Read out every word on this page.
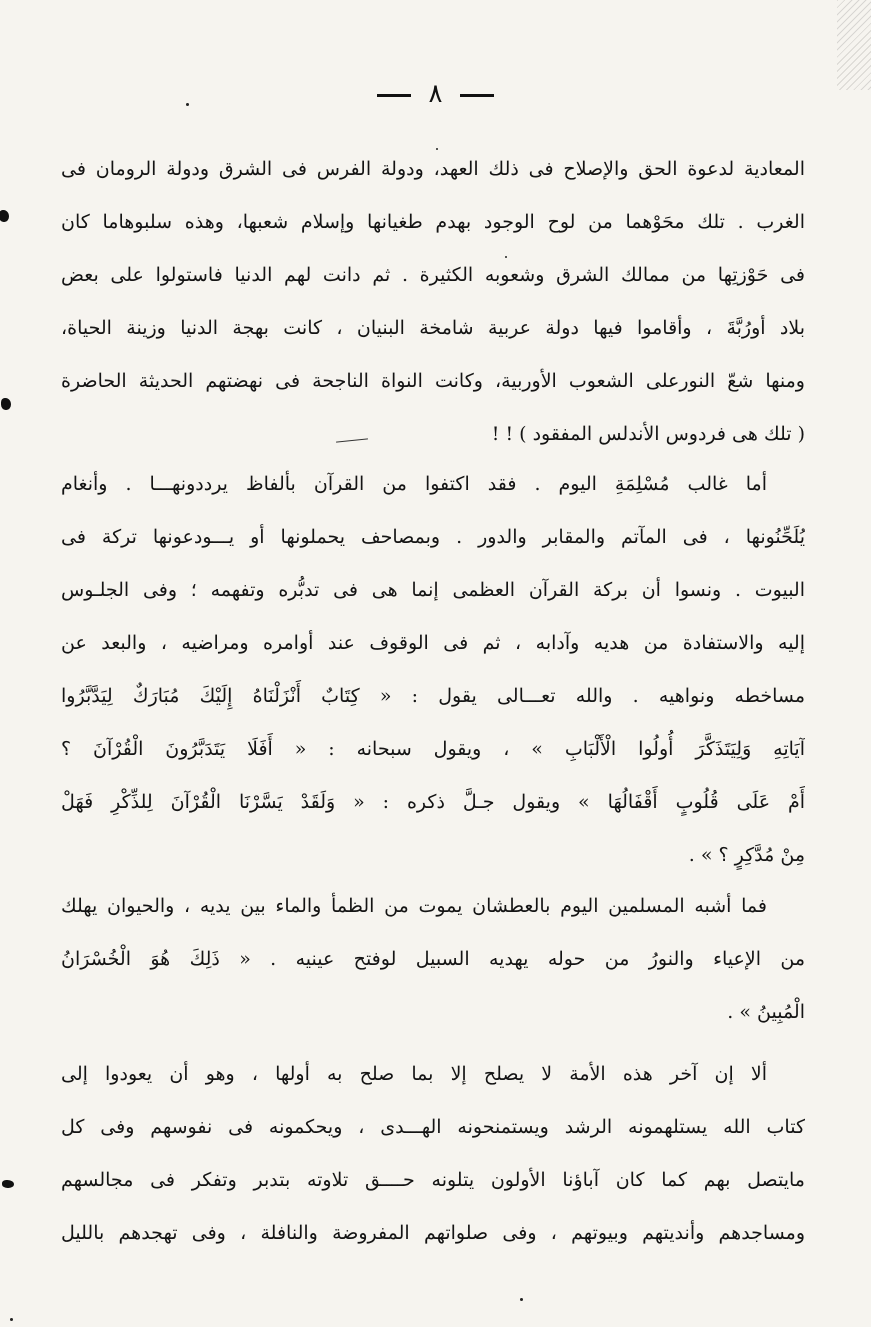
٨
المعادية لدعوة الحق والإصلاح فى ذلك العهد، ودولة الفرس فى الشرق ودولة الرومان فى
الغرب . تلك محَوْهما من لوح الوجود بهدم طغيانها وإسلام شعبها، وهذه سلبوهاما كان
فى حَوْزتِها من ممالك الشرق وشعوبه الكثيرة . ثم دانت لهم الدنيا فاستولوا على بعض
بلاد أورُبَّةَ ، وأقاموا فيها دولة عربية شامخة البنيان ، كانت بهجة الدنيا وزينة الحياة،
ومنها شعّ النورعلى الشعوب الأوربية، وكانت النواة الناجحة فى نهضتهم الحديثة الحاضرة
( تلك هى فردوس الأندلس المفقود ) ! !
أما غالب مُسْلِمَةِ اليوم . فقد اكتفوا من القرآن بألفاظ يرددونهـــا . وأنغام
يُلَحِّنُونها ، فى المآتم والمقابر والدور . وبمصاحف يحملونها أو يـــودعونها تركة فى
البيوت . ونسوا أن بركة القرآن العظمى إنما هى فى تدبُّره وتفهمه ؛ وفى الجلـوس
إليه والاستفادة من هديه وآدابه ، ثم فى الوقوف عند أوامره ومراضيه ، والبعد عن
مساخطه ونواهيه . والله تعـــالى يقول : « كِتَابٌ أَنْزَلْنَاهُ إِلَيْكَ مُبَارَكٌ لِيَدَّبَّرُوا
آيَاتِهِ وَلِيَتَذَكَّرَ أُولُوا الْأَلْبَابِ » ، ويقول سبحانه : « أَفَلَا يَتَدَبَّرُونَ الْقُرْآنَ ؟
أَمْ عَلَى قُلُوبٍ أَقْفَالُهَا » ويقول جـلَّ ذكره : « وَلَقَدْ يَسَّرْنَا الْقُرْآنَ لِلذِّكْرِ فَهَلْ
مِنْ مُدَّكِرٍ ؟ » .
فما أشبه المسلمين اليوم بالعطشان يموت من الظمأ والماء بين يديه ، والحيوان يهلك
من الإعياء والنورُ من حوله يهديه السبيل لوفتح عينيه . « ذَلِكَ هُوَ الْخُسْرَانُ
الْمُبِينُ » .
ألا إن آخر هذه الأمة لا يصلح إلا بما صلح به أولها ، وهو أن يعودوا إلى
كتاب الله يستلهمونه الرشد ويستمنحونه الهـــدى ، ويحكمونه فى نفوسهم وفى كل
مايتصل بهم كما كان آباؤنا الأولون يتلونه حــــق تلاوته بتدبر وتفكر فى مجالسهم
ومساجدهم وأنديتهم وبيوتهم ، وفى صلواتهم المفروضة والنافلة ، وفى تهجدهم بالليل
